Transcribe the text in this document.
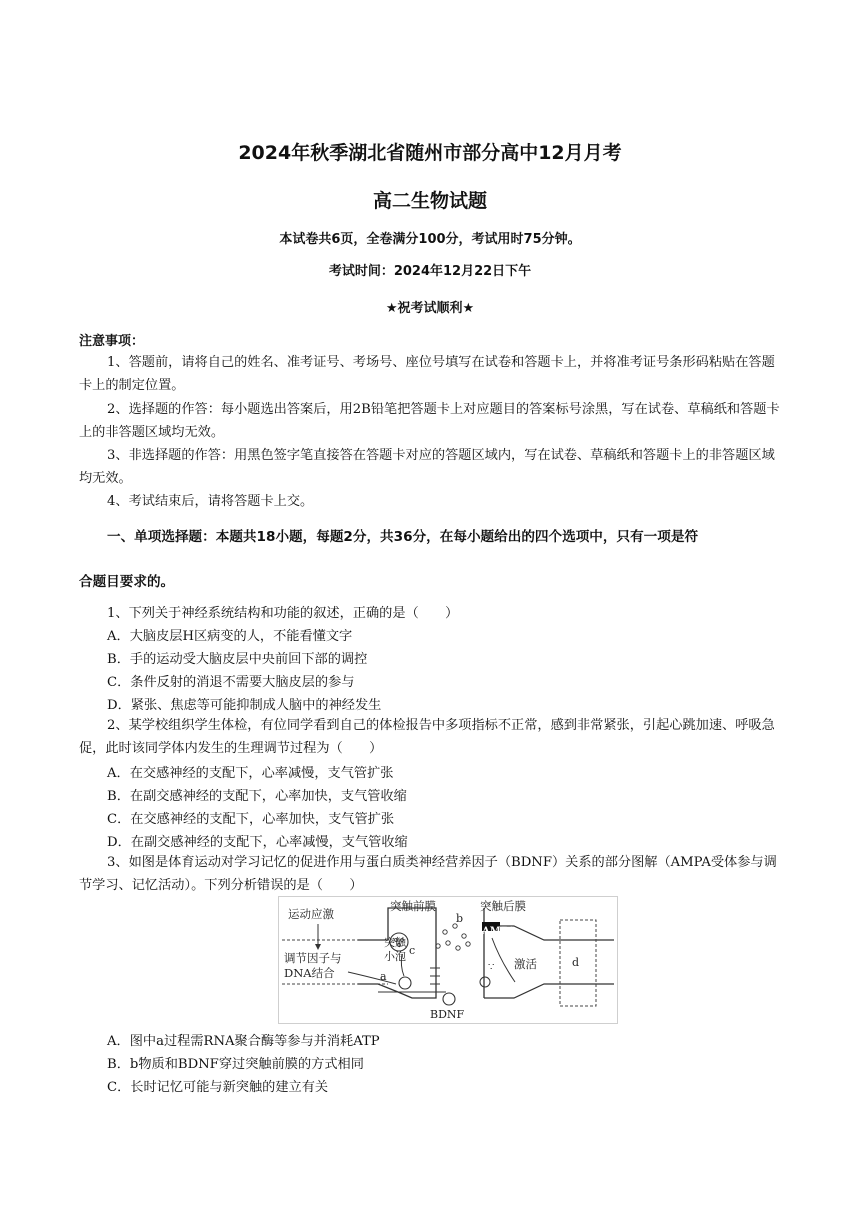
2024年秋季湖北省随州市部分高中12月月考
高二生物试题
本试卷共6页，全卷满分100分，考试用时75分钟。
考试时间：2024年12月22日下午
★祝考试顺利★
注意事项：
1、答题前，请将自己的姓名、准考证号、考场号、座位号填写在试卷和答题卡上，并将准考证号条形码粘贴在答题卡上的制定位置。
2、选择题的作答：每小题选出答案后，用2B铅笔把答题卡上对应题目的答案标号涂黑，写在试卷、草稿纸和答题卡上的非答题区域均无效。
3、非选择题的作答：用黑色签字笔直接答在答题卡对应的答题区域内，写在试卷、草稿纸和答题卡上的非答题区域均无效。
4、考试结束后，请将答题卡上交。
一、单项选择题：本题共18小题，每题2分，共36分，在每小题给出的四个选项中，只有一项是符
合题目要求的。
1、下列关于神经系统结构和功能的叙述，正确的是（　　）
A．大脑皮层H区病变的人，不能看懂文字
B．手的运动受大脑皮层中央前回下部的调控
C．条件反射的消退不需要大脑皮层的参与
D．紧张、焦虑等可能抑制成人脑中的神经发生
2、某学校组织学生体检，有位同学看到自己的体检报告中多项指标不正常，感到非常紧张，引起心跳加速、呼吸急促，此时该同学体内发生的生理调节过程为（　　）
A．在交感神经的支配下，心率减慢，支气管扩张
B．在副交感神经的支配下，心率加快，支气管收缩
C．在交感神经的支配下，心率加快，支气管扩张
D．在副交感神经的支配下，心率减慢，支气管收缩
3、如图是体育运动对学习记忆的促进作用与蛋白质类神经营养因子（BDNF）关系的部分图解（AMPA受体参与调节学习、记忆活动）。下列分析错误的是（　　）
∵
运动应激
突触前膜	突触后膜
b
AMPA
突触
小泡 c
调节因子与
DNA结合	a
激活	d
BDNF
A．图中a过程需RNA聚合酶等参与并消耗ATP
B．b物质和BDNF穿过突触前膜的方式相同
C．长时记忆可能与新突触的建立有关
